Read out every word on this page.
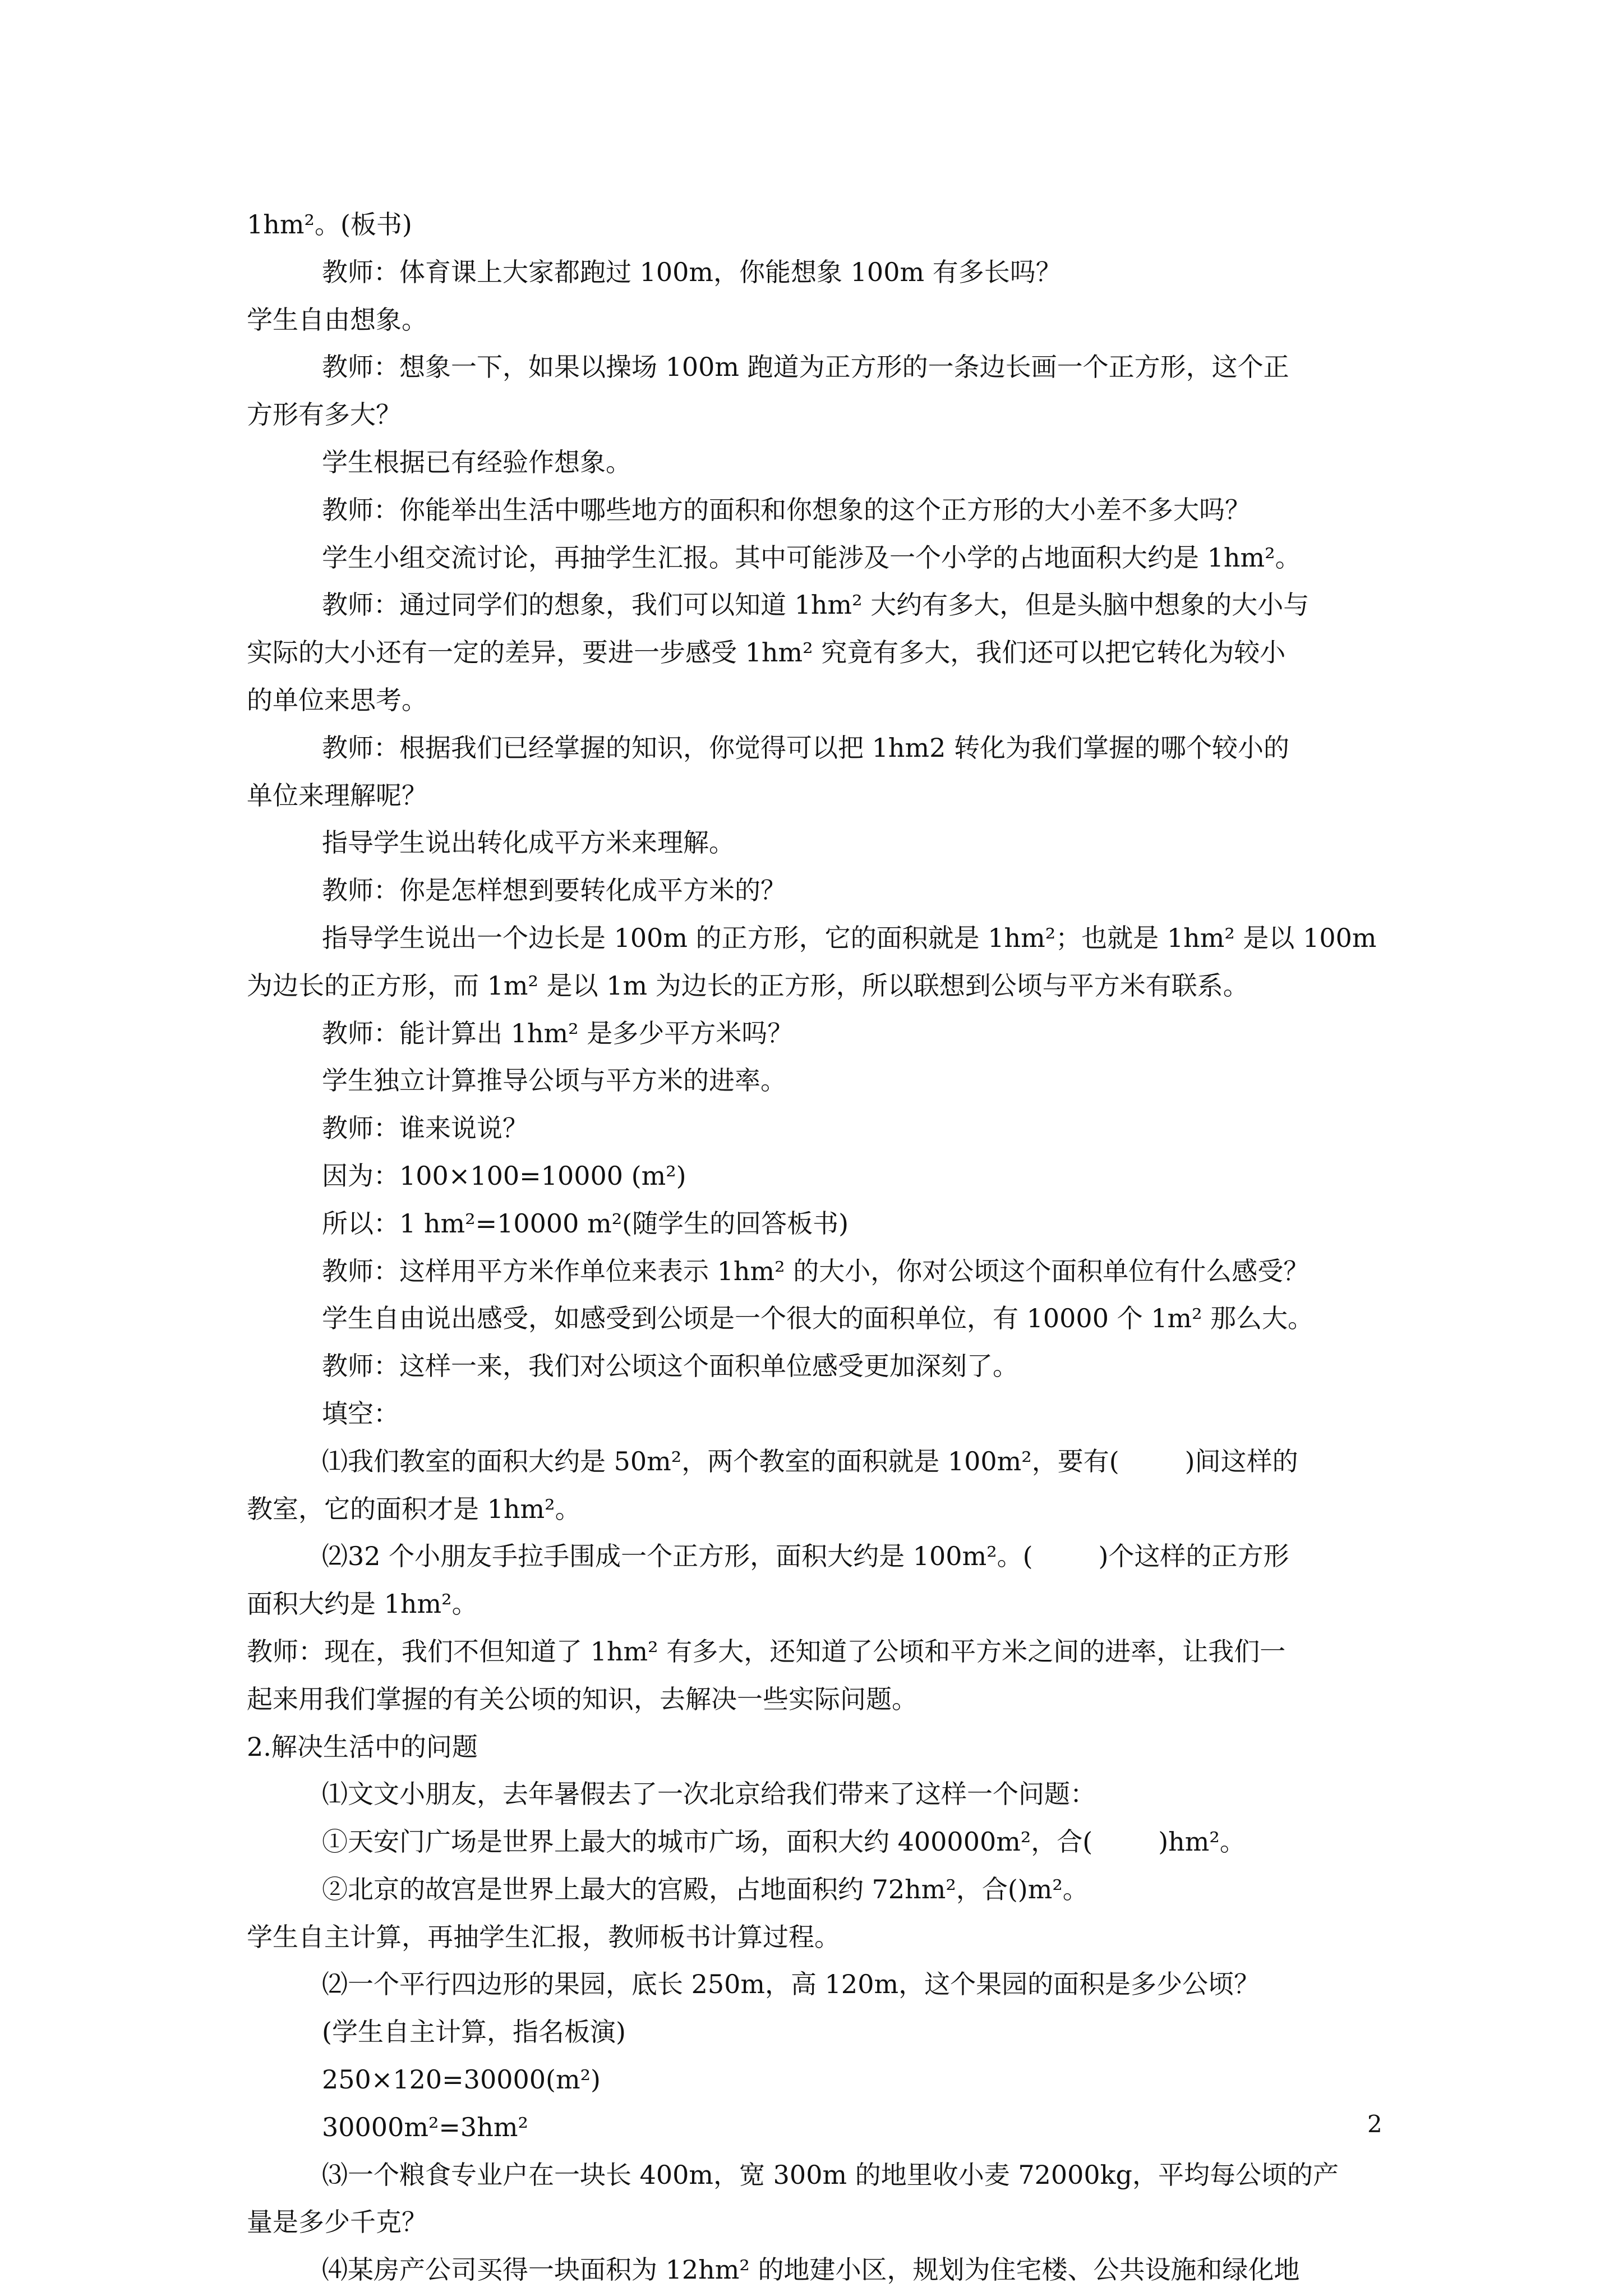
1hm²。(板书)
教师：体育课上大家都跑过 100m，你能想象 100m 有多长吗？
学生自由想象。
教师：想象一下，如果以操场 100m 跑道为正方形的一条边长画一个正方形，这个正
方形有多大？
学生根据已有经验作想象。
教师：你能举出生活中哪些地方的面积和你想象的这个正方形的大小差不多大吗？
学生小组交流讨论，再抽学生汇报。其中可能涉及一个小学的占地面积大约是 1hm²。
教师：通过同学们的想象，我们可以知道 1hm² 大约有多大，但是头脑中想象的大小与
实际的大小还有一定的差异，要进一步感受 1hm² 究竟有多大，我们还可以把它转化为较小
的单位来思考。
教师：根据我们已经掌握的知识，你觉得可以把 1hm2 转化为我们掌握的哪个较小的
单位来理解呢？
指导学生说出转化成平方米来理解。
教师：你是怎样想到要转化成平方米的？
指导学生说出一个边长是 100m 的正方形，它的面积就是 1hm²；也就是 1hm² 是以 100m
为边长的正方形，而 1m² 是以 1m 为边长的正方形，所以联想到公顷与平方米有联系。
教师：能计算出 1hm² 是多少平方米吗？
学生独立计算推导公顷与平方米的进率。
教师：谁来说说？
因为：100×100=10000 (m²)
所以：1 hm²=10000 m²(随学生的回答板书)
教师：这样用平方米作单位来表示 1hm² 的大小，你对公顷这个面积单位有什么感受？
学生自由说出感受，如感受到公顷是一个很大的面积单位，有 10000 个 1m² 那么大。
教师：这样一来，我们对公顷这个面积单位感受更加深刻了。
填空：
⑴我们教室的面积大约是 50m²，两个教室的面积就是 100m²，要有(        )间这样的
教室，它的面积才是 1hm²。
⑵32 个小朋友手拉手围成一个正方形，面积大约是 100m²。(        )个这样的正方形
面积大约是 1hm²。
教师：现在，我们不但知道了 1hm² 有多大，还知道了公顷和平方米之间的进率，让我们一
起来用我们掌握的有关公顷的知识，去解决一些实际问题。
2.解决生活中的问题
⑴文文小朋友，去年暑假去了一次北京给我们带来了这样一个问题：
①天安门广场是世界上最大的城市广场，面积大约 400000m²，合(        )hm²。
②北京的故宫是世界上最大的宫殿，占地面积约 72hm²，合()m²。
学生自主计算，再抽学生汇报，教师板书计算过程。
⑵一个平行四边形的果园，底长 250m，高 120m，这个果园的面积是多少公顷？
(学生自主计算，指名板演)
250×120=30000(m²)
30000m²=3hm²
⑶一个粮食专业户在一块长 400m，宽 300m 的地里收小麦 72000kg，平均每公顷的产
量是多少千克？
⑷某房产公司买得一块面积为 12hm² 的地建小区，规划为住宅楼、公共设施和绿化地
2
